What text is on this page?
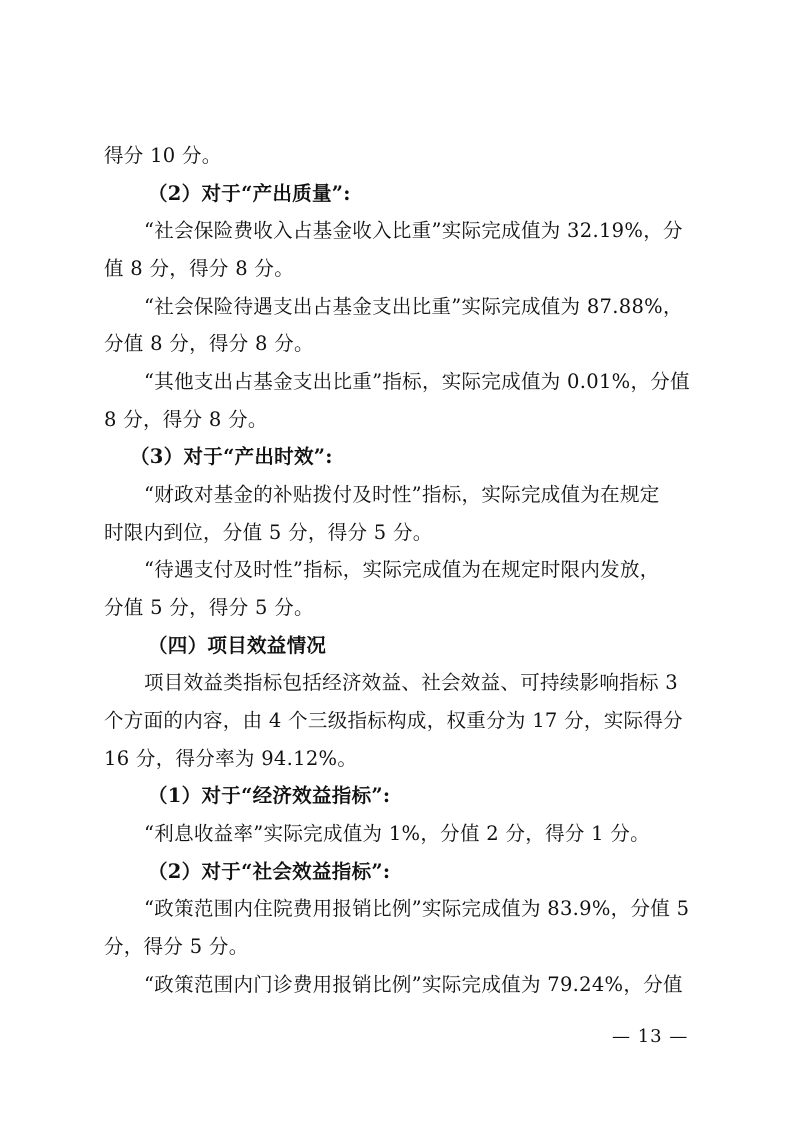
得分 10 分。
（2）对于“产出质量”:
“社会保险费收入占基金收入比重”实际完成值为 32.19%，分
值 8 分，得分 8 分。
“社会保险待遇支出占基金支出比重”实际完成值为 87.88%，
分值 8 分，得分 8 分。
“其他支出占基金支出比重”指标，实际完成值为 0.01%，分值
8 分，得分 8 分。
（3）对于“产出时效”:
“财政对基金的补贴拨付及时性”指标，实际完成值为在规定
时限内到位，分值 5 分，得分 5 分。
“待遇支付及时性”指标，实际完成值为在规定时限内发放，
分值 5 分，得分 5 分。
（四）项目效益情况
项目效益类指标包括经济效益、社会效益、可持续影响指标 3
个方面的内容，由 4 个三级指标构成，权重分为 17 分，实际得分
16 分，得分率为 94.12%。
（1）对于“经济效益指标”:
“利息收益率”实际完成值为 1%，分值 2 分，得分 1 分。
（2）对于“社会效益指标”:
“政策范围内住院费用报销比例”实际完成值为 83.9%，分值 5
分，得分 5 分。
“政策范围内门诊费用报销比例”实际完成值为 79.24%，分值
— 13 —
